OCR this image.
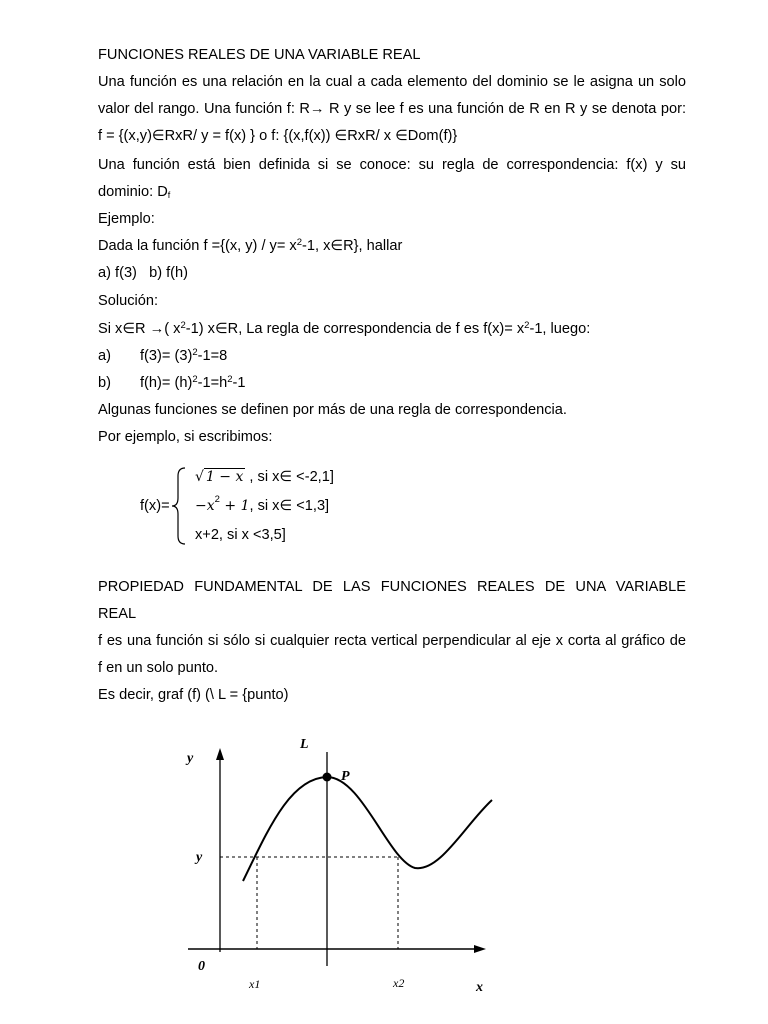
FUNCIONES REALES DE UNA VARIABLE REAL
Una función es una relación en la cual a cada elemento del dominio se le asigna un solo
valor del rango. Una función f: R→ R y se lee f es una función de R en R y se denota por:
f = {(x,y)∈RxR/ y = f(x) } o f: {(x,f(x)) ∈RxR/ x ∈Dom(f)}
Una función está bien definida si se conoce: su regla de correspondencia: f(x) y su
dominio: Df
Ejemplo:
Dada la función f ={(x, $y) / y= x^2-1$, x∈R}, hallar
a) f(3)   b) f(h)
Solución:
Si x∈R →( $x^2-1$) x∈R, La regla de correspondencia de f es $f(x)= x^2-1$, luego:
a) $f(3)= (3)^2-1=8$
b) $f(h)= (h)^2-1=h^2-1$
Algunas funciones se definen por más de una regla de correspondencia.
Por ejemplo, si escribimos:
f(x)=
√ 1 − x , si x∈ <-2,1]
$-x^2 + 1$, si x∈ <1,3]
x+2, si x <3,5]
PROPIEDAD FUNDAMENTAL DE LAS FUNCIONES REALES DE UNA VARIABLE
REAL
f es una función si sólo si cualquier recta vertical perpendicular al eje x corta al gráfico de
f en un solo punto.
Es decir, graf (f) (\ L = {punto)
y
L
P
y
0
x1	x2	x
